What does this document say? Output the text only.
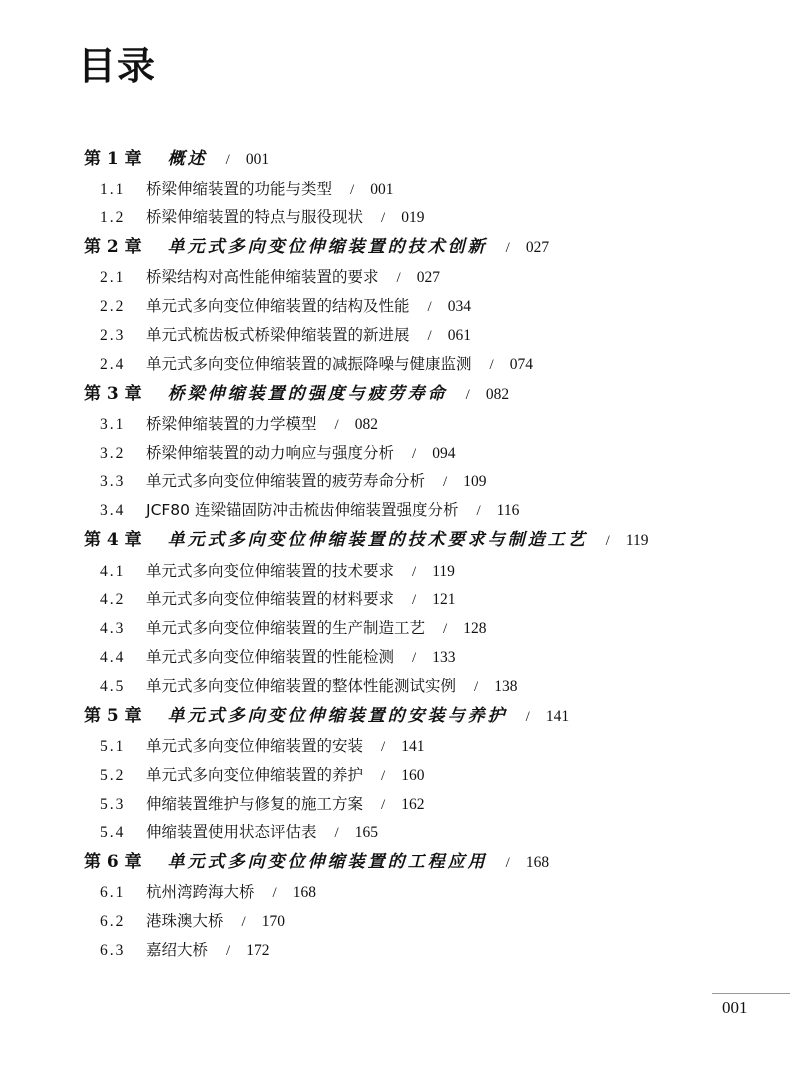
目录
第 1 章 概述 / 001
1.1 桥梁伸缩装置的功能与类型 / 001
1.2 桥梁伸缩装置的特点与服役现状 / 019
第 2 章 单元式多向变位伸缩装置的技术创新 / 027
2.1 桥梁结构对高性能伸缩装置的要求 / 027
2.2 单元式多向变位伸缩装置的结构及性能 / 034
2.3 单元式梳齿板式桥梁伸缩装置的新进展 / 061
2.4 单元式多向变位伸缩装置的减振降噪与健康监测 / 074
第 3 章 桥梁伸缩装置的强度与疲劳寿命 / 082
3.1 桥梁伸缩装置的力学模型 / 082
3.2 桥梁伸缩装置的动力响应与强度分析 / 094
3.3 单元式多向变位伸缩装置的疲劳寿命分析 / 109
3.4 JCF80 连梁锚固防冲击梳齿伸缩装置强度分析 / 116
第 4 章 单元式多向变位伸缩装置的技术要求与制造工艺 / 119
4.1 单元式多向变位伸缩装置的技术要求 / 119
4.2 单元式多向变位伸缩装置的材料要求 / 121
4.3 单元式多向变位伸缩装置的生产制造工艺 / 128
4.4 单元式多向变位伸缩装置的性能检测 / 133
4.5 单元式多向变位伸缩装置的整体性能测试实例 / 138
第 5 章 单元式多向变位伸缩装置的安装与养护 / 141
5.1 单元式多向变位伸缩装置的安装 / 141
5.2 单元式多向变位伸缩装置的养护 / 160
5.3 伸缩装置维护与修复的施工方案 / 162
5.4 伸缩装置使用状态评估表 / 165
第 6 章 单元式多向变位伸缩装置的工程应用 / 168
6.1 杭州湾跨海大桥 / 168
6.2 港珠澳大桥 / 170
6.3 嘉绍大桥 / 172
001
